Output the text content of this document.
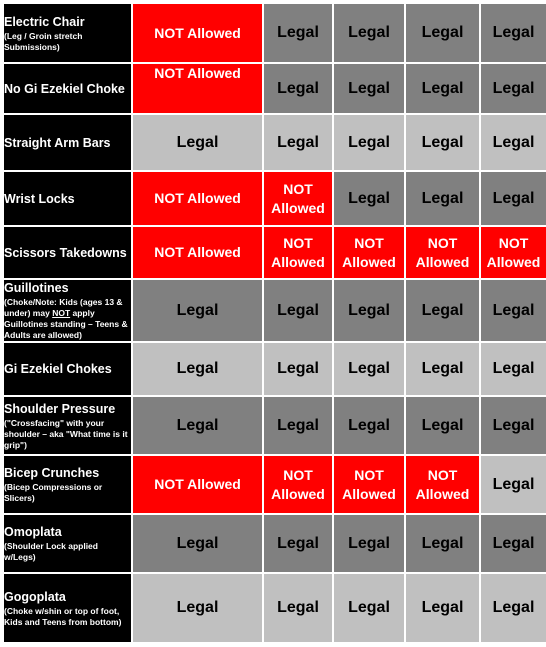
Electric Chair
(Leg / Groin stretch Submissions)	NOT Allowed	Legal	Legal	Legal	Legal

No Gi Ezekiel Choke	NOT Allowed	Legal	Legal	Legal	Legal

Straight Arm Bars	Legal	Legal	Legal	Legal	Legal

Wrist Locks	NOT Allowed	NOT
Allowed	Legal	Legal	Legal

Scissors Takedowns	NOT Allowed	NOT
Allowed	NOT
Allowed	NOT
Allowed	NOT
Allowed

Guillotines
(Choke/Note: Kids (ages 13 & under) may NOT apply Guillotines standing – Teens & Adults are allowed)	Legal	Legal	Legal	Legal	Legal

Gi Ezekiel Chokes	Legal	Legal	Legal	Legal	Legal

Shoulder Pressure
("Crossfacing" with your shoulder – aka "What time is it grip")	Legal	Legal	Legal	Legal	Legal

Bicep Crunches
(Bicep Compressions or Slicers)	NOT Allowed	NOT
Allowed	NOT
Allowed	NOT
Allowed	Legal

Omoplata
(Shoulder Lock applied w/Legs)	Legal	Legal	Legal	Legal	Legal

Gogoplata
(Choke w/shin or top of foot, Kids and Teens from bottom)	Legal	Legal	Legal	Legal	Legal
